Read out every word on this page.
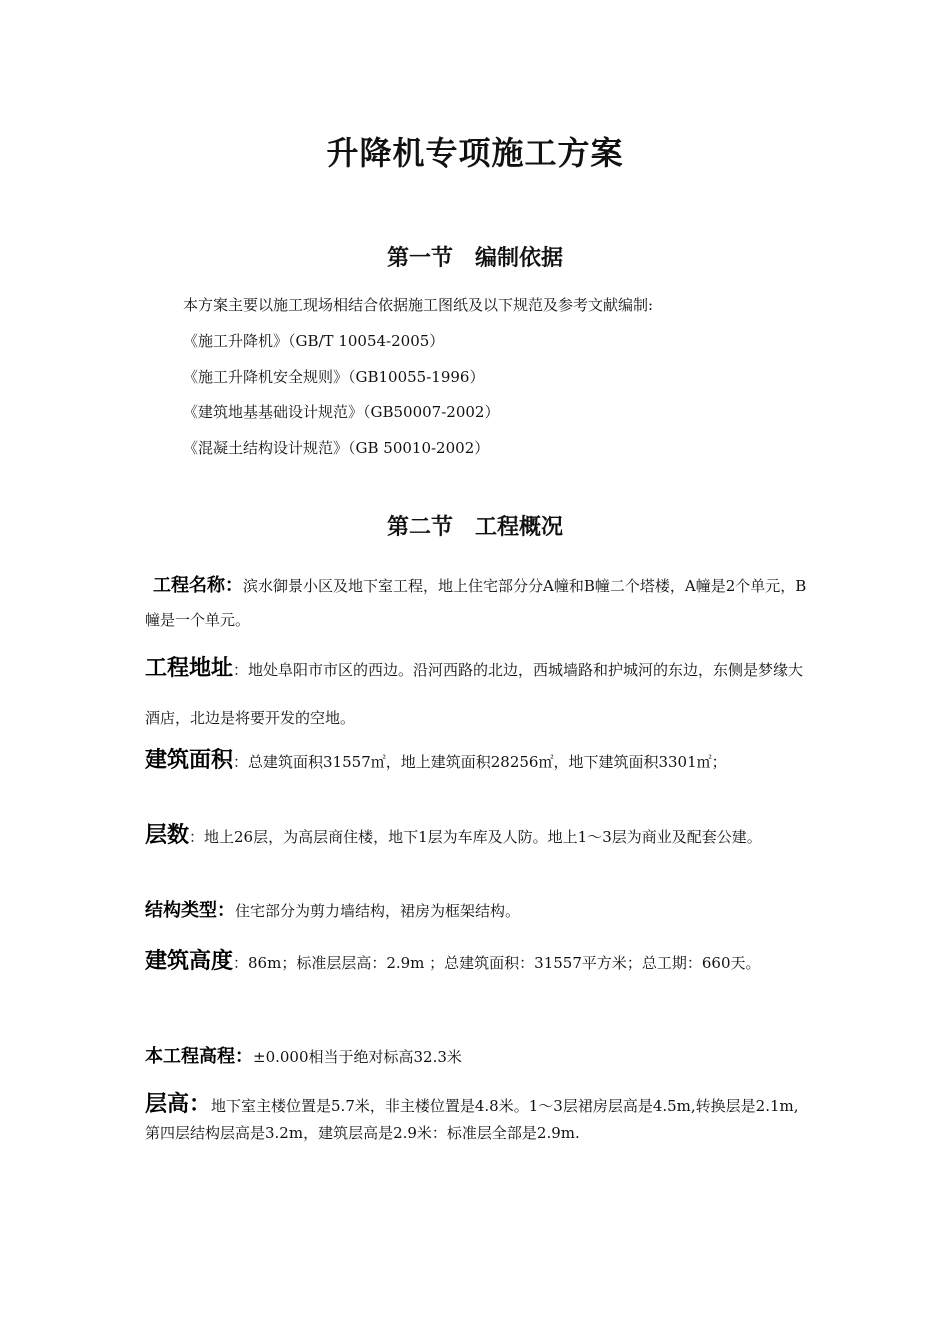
升降机专项施工方案
第一节　编制依据

本方案主要以施工现场相结合依据施工图纸及以下规范及参考文献编制:

《施工升降机》（GB/T 10054-2005）

《施工升降机安全规则》（GB10055-1996）

《建筑地基基础设计规范》（GB50007-2002）

《混凝土结构设计规范》（GB 50010-2002）

第二节　工程概况

工程名称：滨水御景小区及地下室工程，地上住宅部分分A幢和B幢二个塔楼，A幢是2个单元，B幢是一个单元。

工程地址：地处阜阳市市区的西边。沿河西路的北边，西城墙路和护城河的东边，东侧是梦缘大酒店，北边是将要开发的空地。

建筑面积：总建筑面积31557㎡，地上建筑面积28256㎡，地下建筑面积3301㎡；

层数：地上26层，为高层商住楼，地下1层为车库及人防。地上1～3层为商业及配套公建。

结构类型：住宅部分为剪力墙结构，裙房为框架结构。

建筑高度：86m；标准层层高：2.9m ；总建筑面积：31557平方米；总工期：660天。

本工程高程：±0.000相当于绝对标高32.3米

层高：地下室主楼位置是5.7米，非主楼位置是4.8米。1～3层裙房层高是4.5m,转换层是2.1m,第四层结构层高是3.2m，建筑层高是2.9米：标准层全部是2.9m.
